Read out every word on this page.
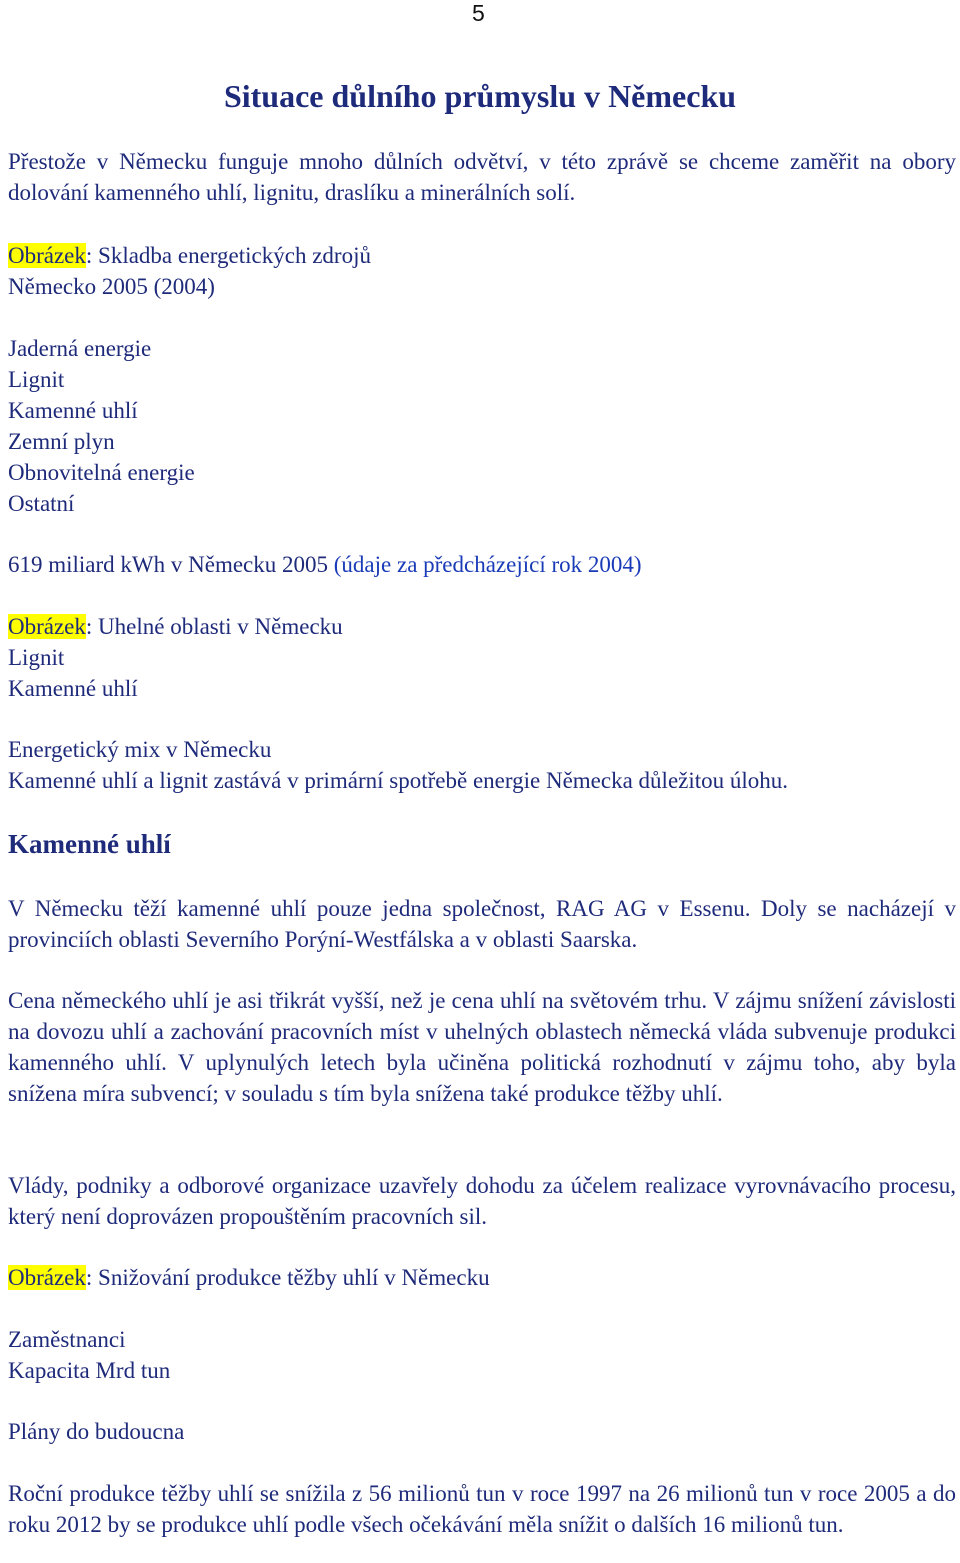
5
Situace důlního průmyslu v Německu

Přestože v Německu funguje mnoho důlních odvětví, v této zprávě se chceme zaměřit na obory dolování kamenného uhlí, lignitu, draslíku a minerálních solí.

Obrázek: Skladba energetických zdrojů
Německo 2005 (2004)
Jaderná energie
Lignit
Kamenné uhlí
Zemní plyn
Obnovitelná energie
Ostatní
619 miliard kWh v Německu 2005 (údaje za předcházející rok 2004)
Obrázek: Uhelné oblasti v Německu
Lignit
Kamenné uhlí
Energetický mix v Německu
Kamenné uhlí a lignit zastává v primární spotřebě energie Německa důležitou úlohu.
Kamenné uhlí

V Německu těží kamenné uhlí pouze jedna společnost, RAG AG v Essenu. Doly se nacházejí v provinciích oblasti Severního Porýní-Westfálska a v oblasti Saarska.

Cena německého uhlí je asi třikrát vyšší, než je cena uhlí na světovém trhu. V zájmu snížení závislosti na dovozu uhlí a zachování pracovních míst v uhelných oblastech německá vláda subvenuje produkci kamenného uhlí. V uplynulých letech byla učiněna politická rozhodnutí v zájmu toho, aby byla snížena míra subvencí; v souladu s tím byla snížena také produkce těžby uhlí.

Vlády, podniky a odborové organizace uzavřely dohodu za účelem realizace vyrovnávacího procesu, který není doprovázen propouštěním pracovních sil.

Obrázek: Snižování produkce těžby uhlí v Německu
Zaměstnanci
Kapacita Mrd tun
Plány do budoucna

Roční produkce těžby uhlí se snížila z 56 milionů tun v roce 1997 na 26 milionů tun v roce 2005 a do roku 2012 by se produkce uhlí podle všech očekávání měla snížit o dalších 16 milionů tun.
